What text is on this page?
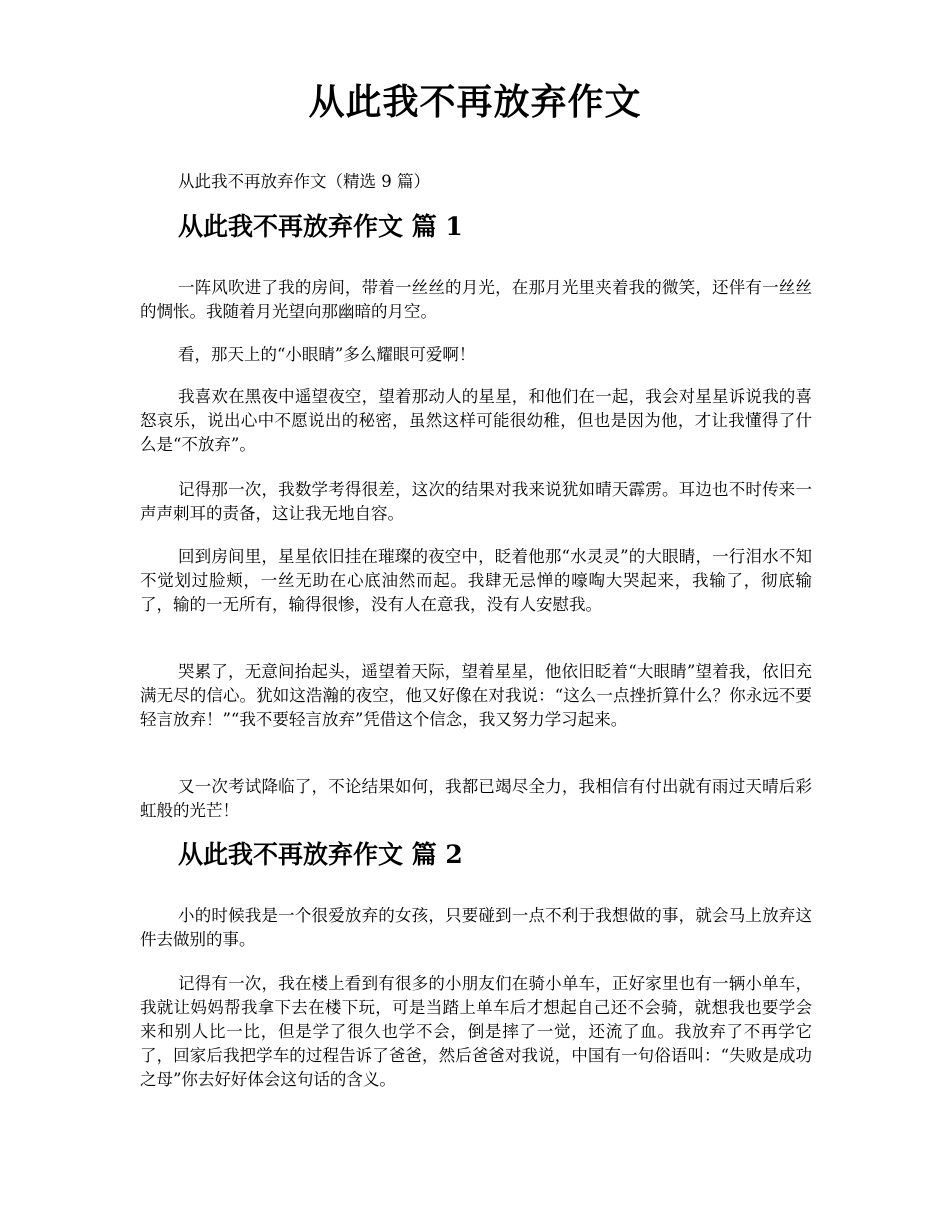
从此我不再放弃作文

从此我不再放弃作文（精选 9 篇）

从此我不再放弃作文 篇 1

一阵风吹进了我的房间，带着一丝丝的月光，在那月光里夹着我的微笑，还伴有一丝丝的惆怅。我随着月光望向那幽暗的月空。

看，那天上的“小眼睛”多么耀眼可爱啊！

我喜欢在黑夜中遥望夜空，望着那动人的星星，和他们在一起，我会对星星诉说我的喜怒哀乐，说出心中不愿说出的秘密，虽然这样可能很幼稚，但也是因为他，才让我懂得了什么是“不放弃”。

记得那一次，我数学考得很差，这次的结果对我来说犹如晴天霹雳。耳边也不时传来一声声刺耳的责备，这让我无地自容。

回到房间里，星星依旧挂在璀璨的夜空中，眨着他那“水灵灵”的大眼睛，一行泪水不知不觉划过脸颊，一丝无助在心底油然而起。我肆无忌惮的嚎啕大哭起来，我输了，彻底输了，输的一无所有，输得很惨，没有人在意我，没有人安慰我。

哭累了，无意间抬起头，遥望着天际，望着星星，他依旧眨着“大眼睛”望着我，依旧充满无尽的信心。犹如这浩瀚的夜空，他又好像在对我说：“这么一点挫折算什么？你永远不要轻言放弃！”“我不要轻言放弃”凭借这个信念，我又努力学习起来。

又一次考试降临了，不论结果如何，我都已竭尽全力，我相信有付出就有雨过天晴后彩虹般的光芒！

从此我不再放弃作文 篇 2

小的时候我是一个很爱放弃的女孩，只要碰到一点不利于我想做的事，就会马上放弃这件去做别的事。

记得有一次，我在楼上看到有很多的小朋友们在骑小单车，正好家里也有一辆小单车，我就让妈妈帮我拿下去在楼下玩，可是当踏上单车后才想起自己还不会骑，就想我也要学会来和别人比一比，但是学了很久也学不会，倒是摔了一觉，还流了血。我放弃了不再学它了，回家后我把学车的过程告诉了爸爸，然后爸爸对我说，中国有一句俗语叫：“失败是成功之母”你去好好体会这句话的含义。
